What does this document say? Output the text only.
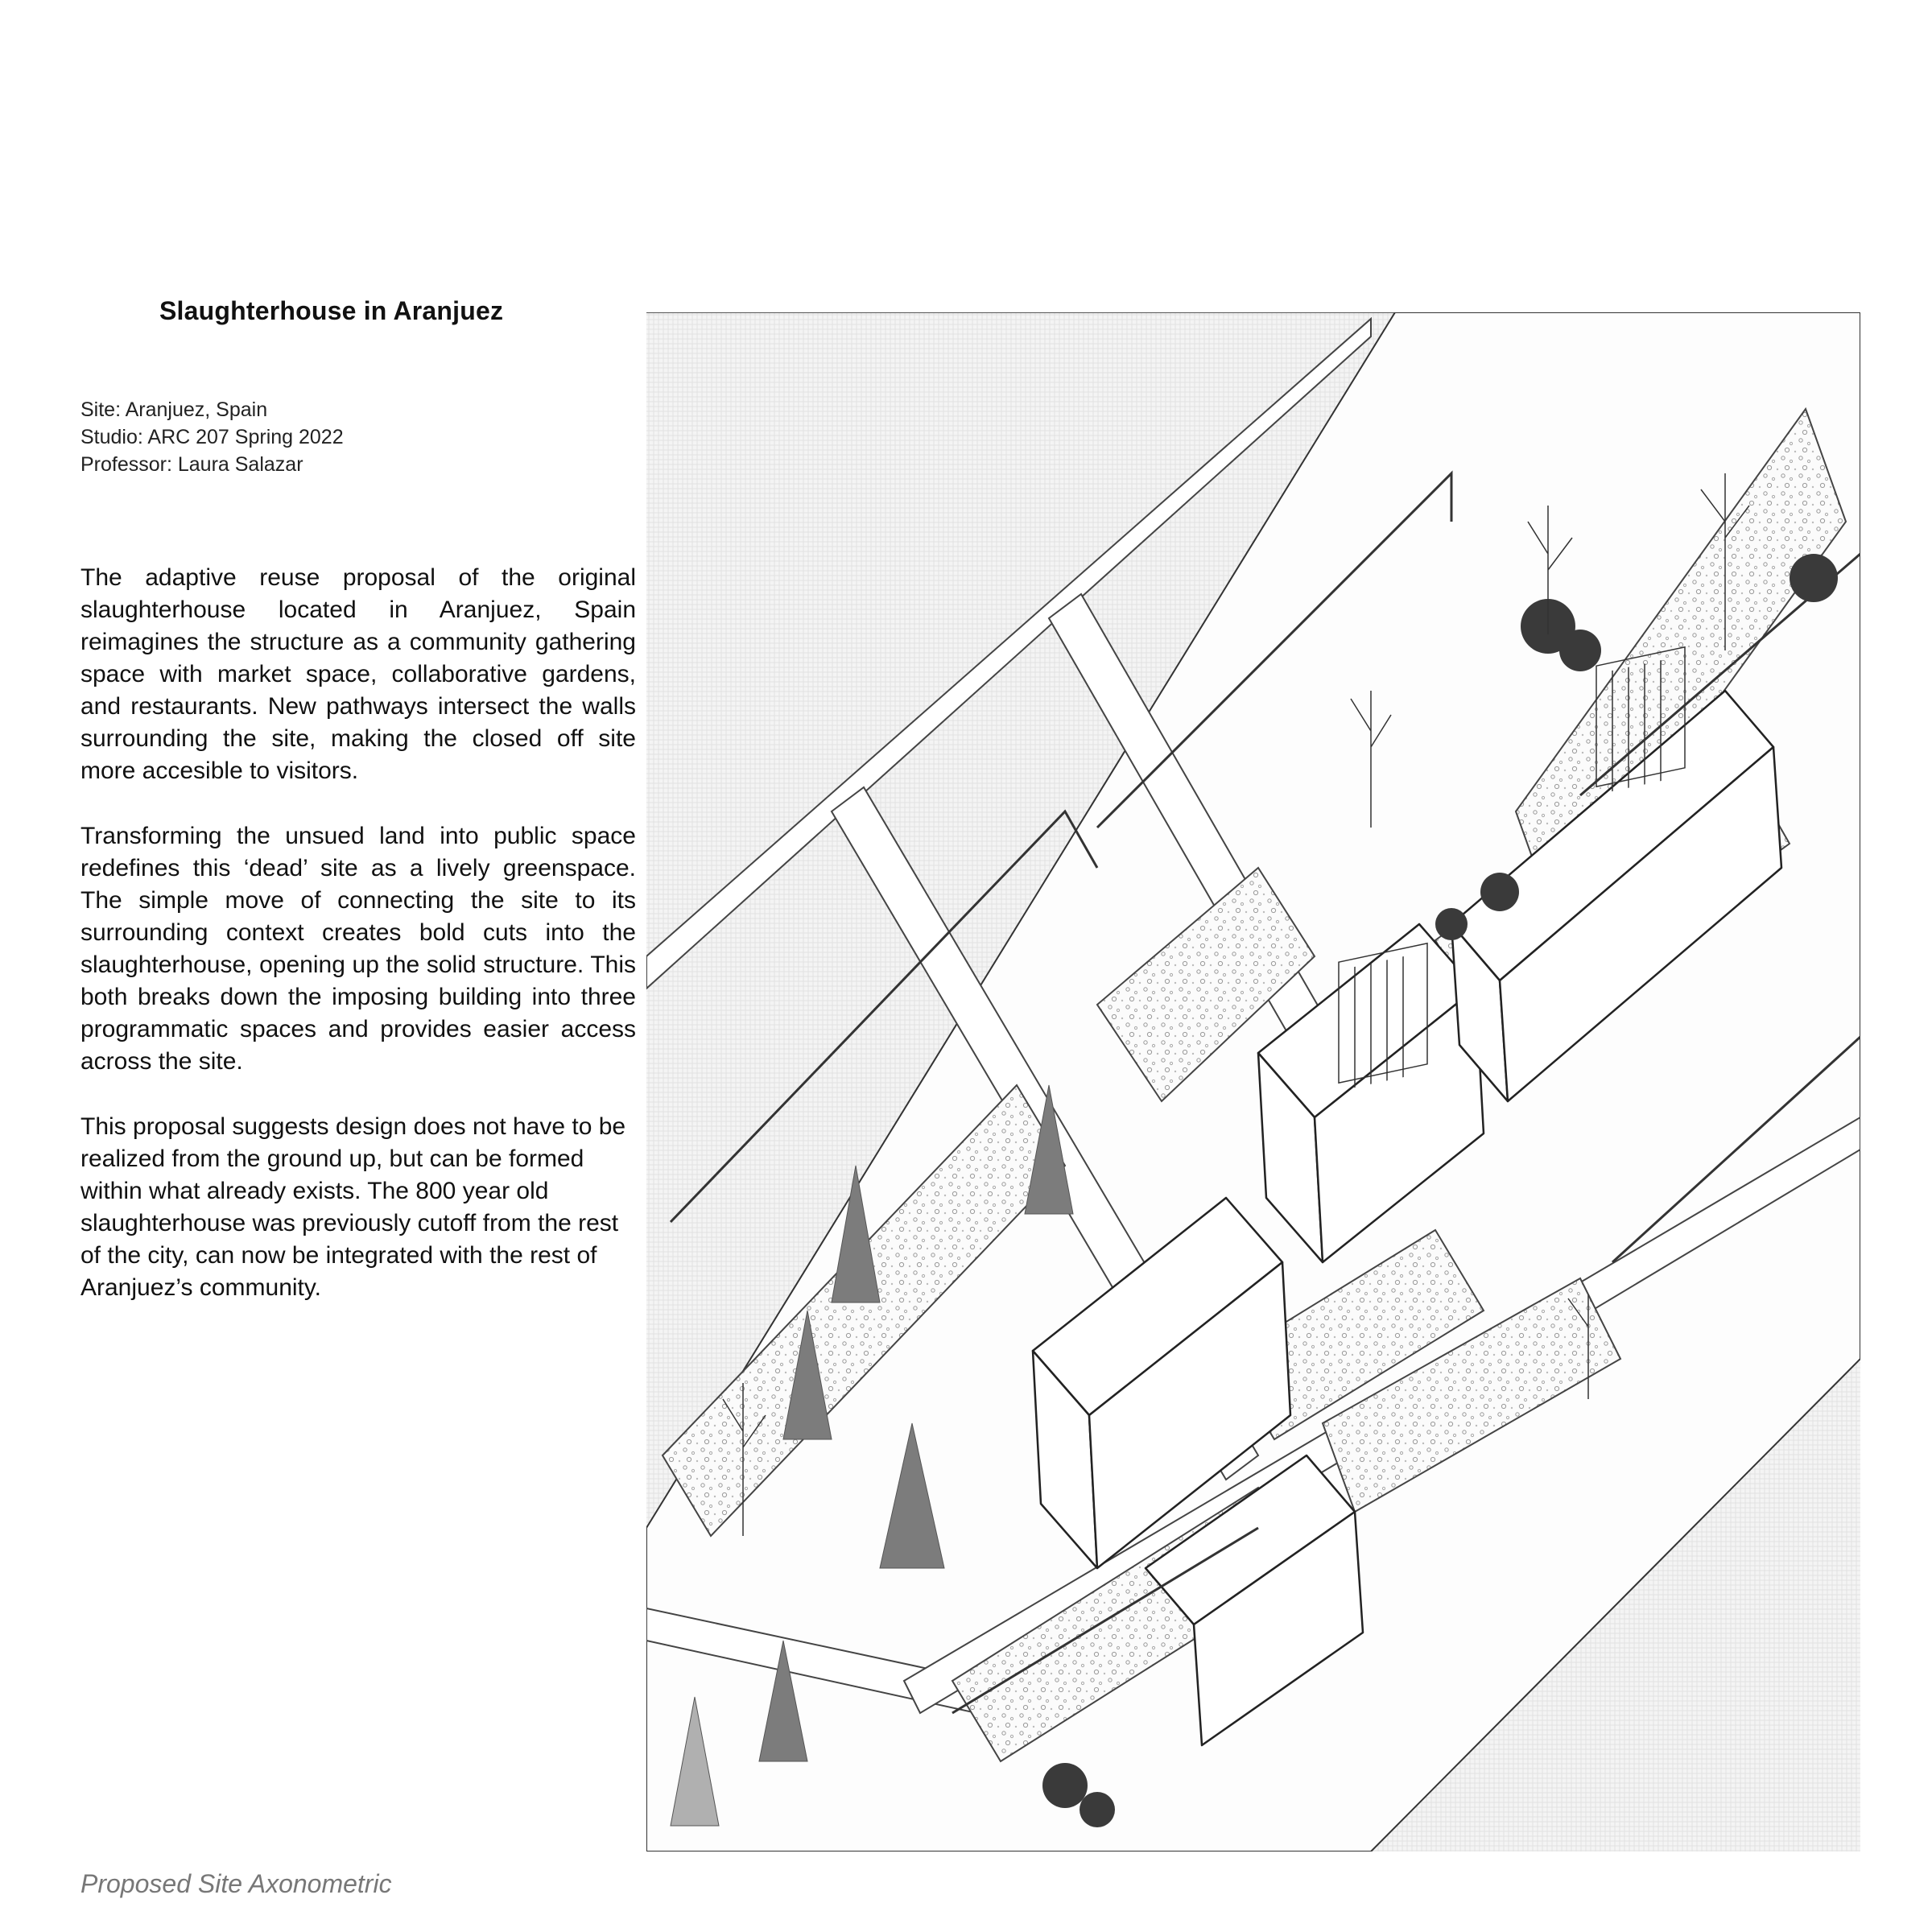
Slaughterhouse in Aranjuez
Site: Aranjuez, Spain
Studio: ARC 207 Spring 2022
Professor: Laura Salazar

The adaptive reuse proposal of the original slaughterhouse located in Aranjuez, Spain reimagines the structure as a community gathering space with market space, collaborative gardens, and restaurants. New pathways intersect the walls surrounding the site, making the closed off site more accesible to visitors.

Transforming the unsued land into public space redefines this ‘dead’ site as a lively greenspace. The simple move of connecting the site to its surrounding context creates bold cuts into the slaughterhouse, opening up the solid structure. This both breaks down the imposing building into three programmatic spaces and provides easier access across the site.

This proposal suggests design does not have to be realized from the ground up, but can be formed within what already exists. The 800 year old slaughterhouse was previously cutoff from the rest of the city, can now be integrated with the rest of Aranjuez’s community.

Proposed Site Axonometric
